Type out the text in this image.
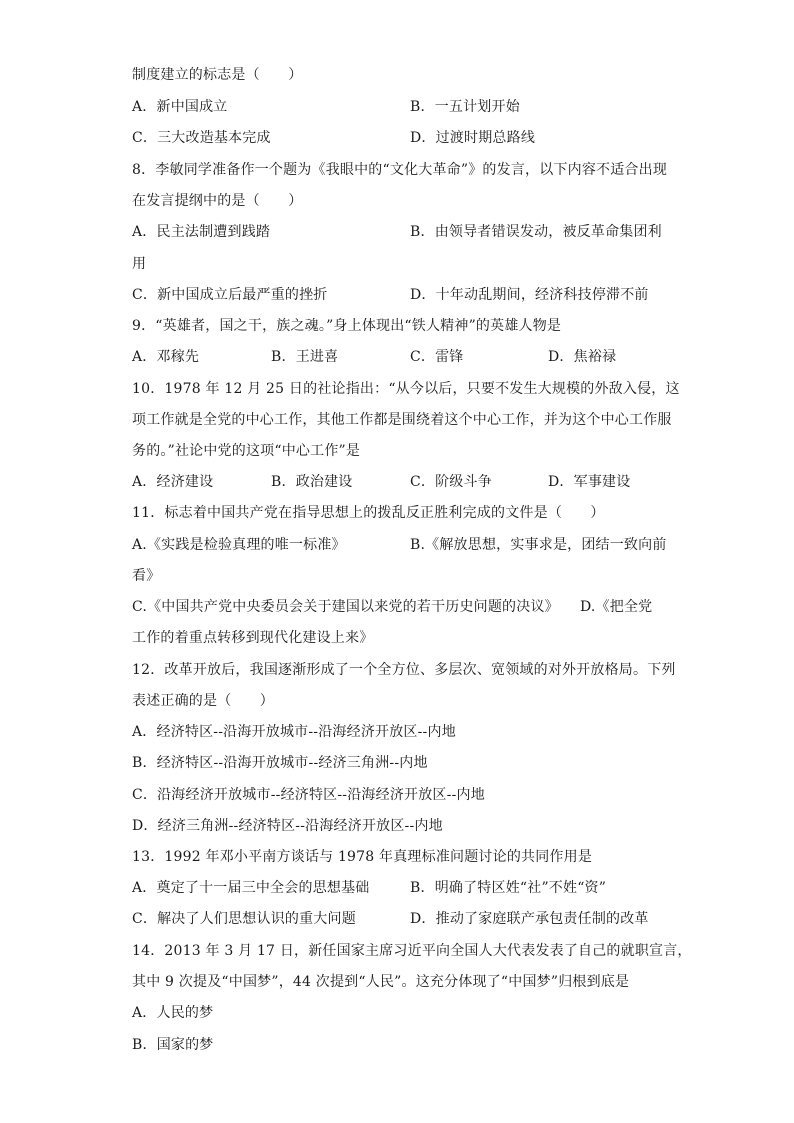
制度建立的标志是（　　）
A．新中国成立	B．一五计划开始
C．三大改造基本完成	D．过渡时期总路线
8．李敏同学准备作一个题为《我眼中的“文化大革命”》的发言，以下内容不适合出现
在发言提纲中的是（　　）
A．民主法制遭到践踏	B．由领导者错误发动，被反革命集团利
用
C．新中国成立后最严重的挫折	D．十年动乱期间，经济科技停滞不前
9．“英雄者，国之干，族之魂。”身上体现出“铁人精神”的英雄人物是
A．邓稼先	B．王进喜	C．雷锋	D．焦裕禄
10．1978 年 12 月 25 日的社论指出：“从今以后，只要不发生大规模的外敌入侵，这
项工作就是全党的中心工作，其他工作都是围绕着这个中心工作，并为这个中心工作服
务的。”社论中党的这项“中心工作”是
A．经济建设	B．政治建设	C．阶级斗争	D．军事建设
11．标志着中国共产党在指导思想上的拨乱反正胜利完成的文件是（　　）
A.《实践是检验真理的唯一标准》	B.《解放思想，实事求是，团结一致向前
看》
C.《中国共产党中央委员会关于建国以来党的若干历史问题的决议》 D.《把全党
工作的着重点转移到现代化建设上来》
12．改革开放后，我国逐渐形成了一个全方位、多层次、宽领域的对外开放格局。下列
表述正确的是（　　）
A．经济特区--沿海开放城市--沿海经济开放区--内地
B．经济特区--沿海开放城市--经济三角洲--内地
C．沿海经济开放城市--经济特区--沿海经济开放区--内地
D．经济三角洲--经济特区--沿海经济开放区--内地
13．1992 年邓小平南方谈话与 1978 年真理标准问题讨论的共同作用是
A．奠定了十一届三中全会的思想基础	B．明确了特区姓“社”不姓“资”
C．解决了人们思想认识的重大问题	D．推动了家庭联产承包责任制的改革
14．2013 年 3 月 17 日，新任国家主席习近平向全国人大代表发表了自己的就职宣言，
其中 9 次提及“中国梦”，44 次提到“人民”。这充分体现了“中国梦”归根到底是
A．人民的梦
B．国家的梦
